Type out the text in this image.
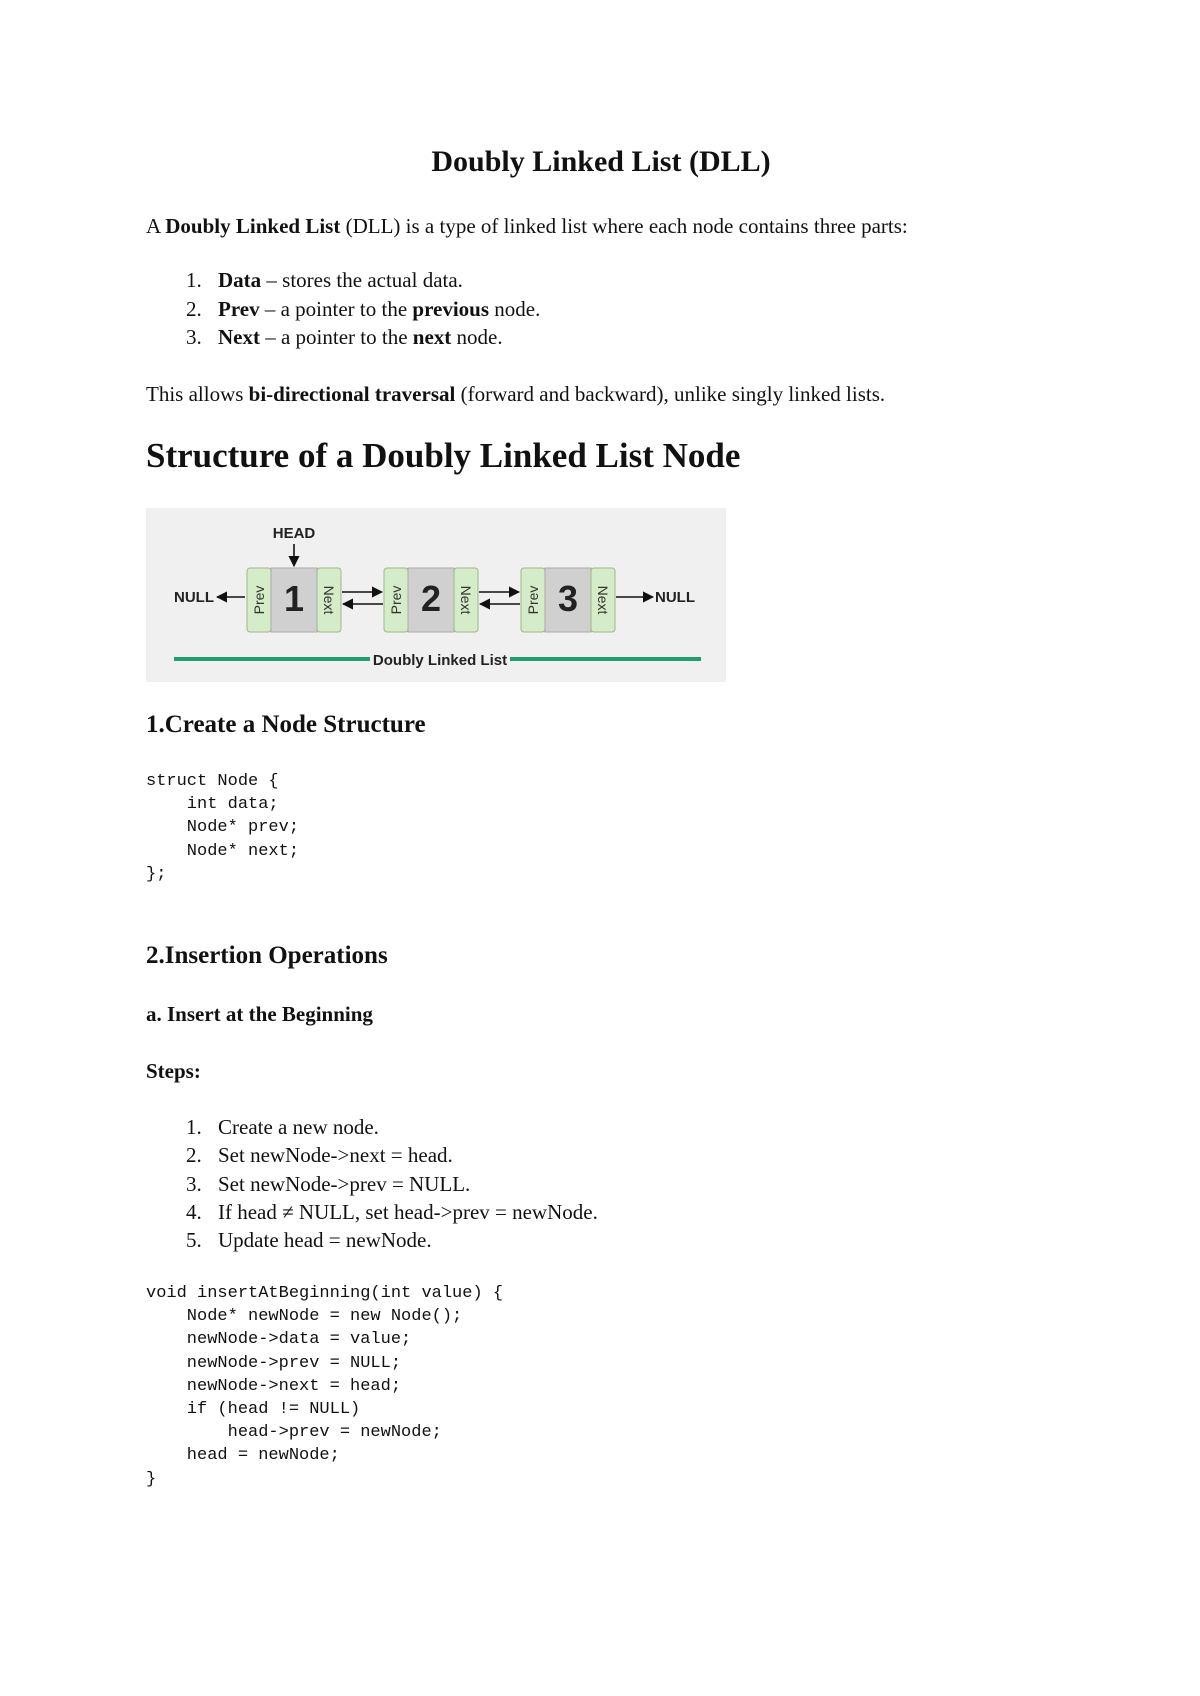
Doubly Linked List (DLL)

A Doubly Linked List (DLL) is a type of linked list where each node contains three parts:

1. Data – stores the actual data.
2. Prev – a pointer to the previous node.
3. Next – a pointer to the next node.

This allows bi-directional traversal (forward and backward), unlike singly linked lists.

Structure of a Doubly Linked List Node
HEAD
NULL	Prev 1 Next	Prev 2 Next	Prev 3 Next	NULL
Doubly Linked List
1.Create a Node Structure
struct Node {
int data;
Node* prev;
Node* next;
};
2.Insertion Operations
a. Insert at the Beginning

Steps:

1. Create a new node.
2. Set newNode->next = head.
3. Set newNode->prev = NULL.
4. If head ≠ NULL, set head->prev = newNode.
5. Update head = newNode.
void insertAtBeginning(int value) {
Node* newNode = new Node();
newNode->data = value;
newNode->prev = NULL;
newNode->next = head;
if (head != NULL)
head->prev = newNode;
head = newNode;
}
